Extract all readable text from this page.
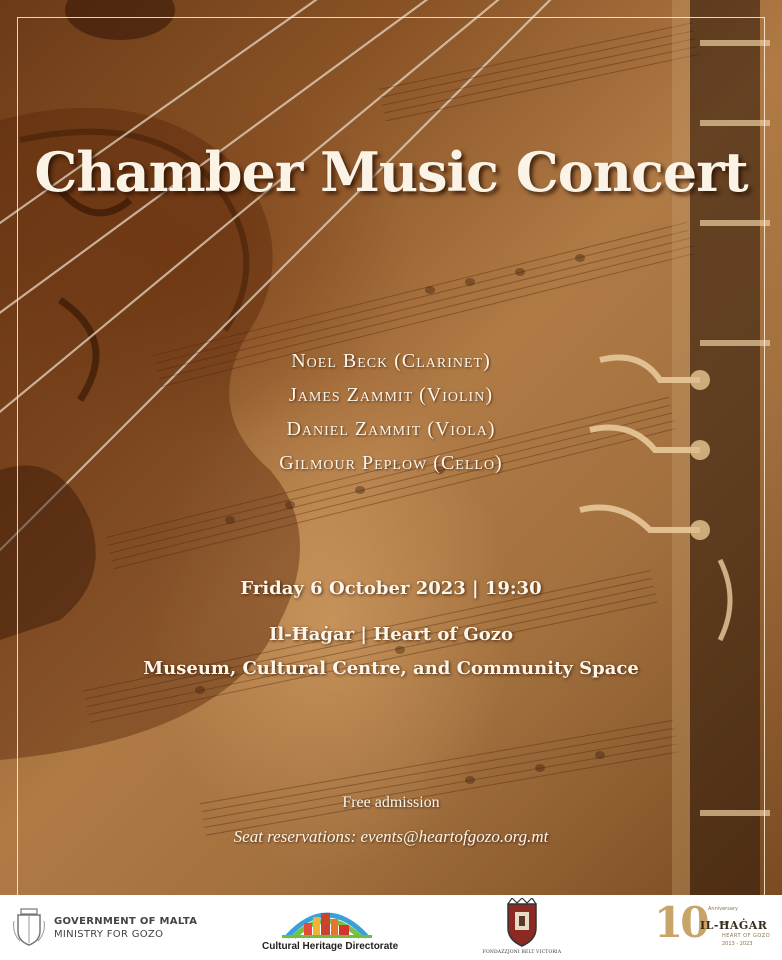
Chamber Music Concert
Noel Beck (Clarinet)
James Zammit (Violin)
Daniel Zammit (Viola)
Gilmour Peplow (Cello)
Friday 6 October 2023 | 19:30
Il-Ħaġar | Heart of Gozo
Museum, Cultural Centre, and Community Space
Free admission
Seat reservations: events@heartofgozo.org.mt
GOVERNMENT OF MALTA
MINISTRY FOR GOZO
Cultural Heritage Directorate
FONDAZZJONI BELT VICTORIA
10 Anniversary
IL-ĦAĠAR
HEART OF GOZO
2013 - 2023
